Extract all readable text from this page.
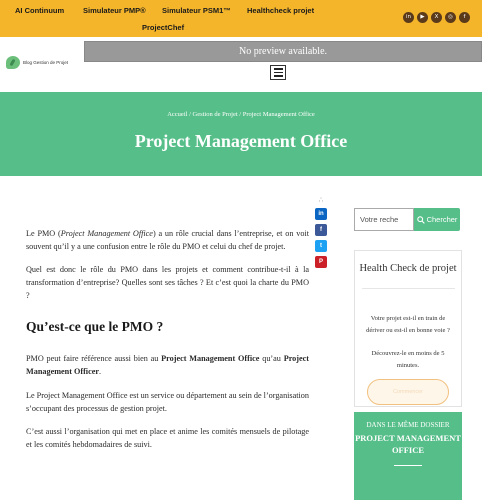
AI Continuum	Simulateur PMP® Simulateur PSM1™ Healthcheck projet
ProjectChef
in	▶	X	◎	f
Blog Gestion de Projet
No preview available.
Accueil / Gestion de Projet / Project Management Office
Project Management Office
∴
in
f
t
P

Le PMO (Project Management Office) a un rôle crucial dans l’entreprise, et on voit souvent qu’il y a une confusion entre le rôle du PMO et celui du chef de projet.

Quel est donc le rôle du PMO dans les projets et comment contribue-t-il à la transformation d’entreprise? Quelles sont ses tâches ? Et c’est quoi la charte du PMO ?

Qu’est-ce que le PMO ?

PMO peut faire référence aussi bien au Project Management Office qu’au Project Management Officer.

Le Project Management Office est un service ou département au sein de l’organisation s’occupant des processus de gestion projet.

C’est aussi l’organisation qui met en place et anime les comités mensuels de pilotage et les comités hebdomadaires de suivi.

Votre reche	Chercher
Health Check de projet
Votre projet est-il en train de dériver ou est-il en bonne voie ?
Découvrez-le en moins de 5 minutes.
Commencer
DANS LE MÊME DOSSIER
PROJECT MANAGEMENT OFFICE
